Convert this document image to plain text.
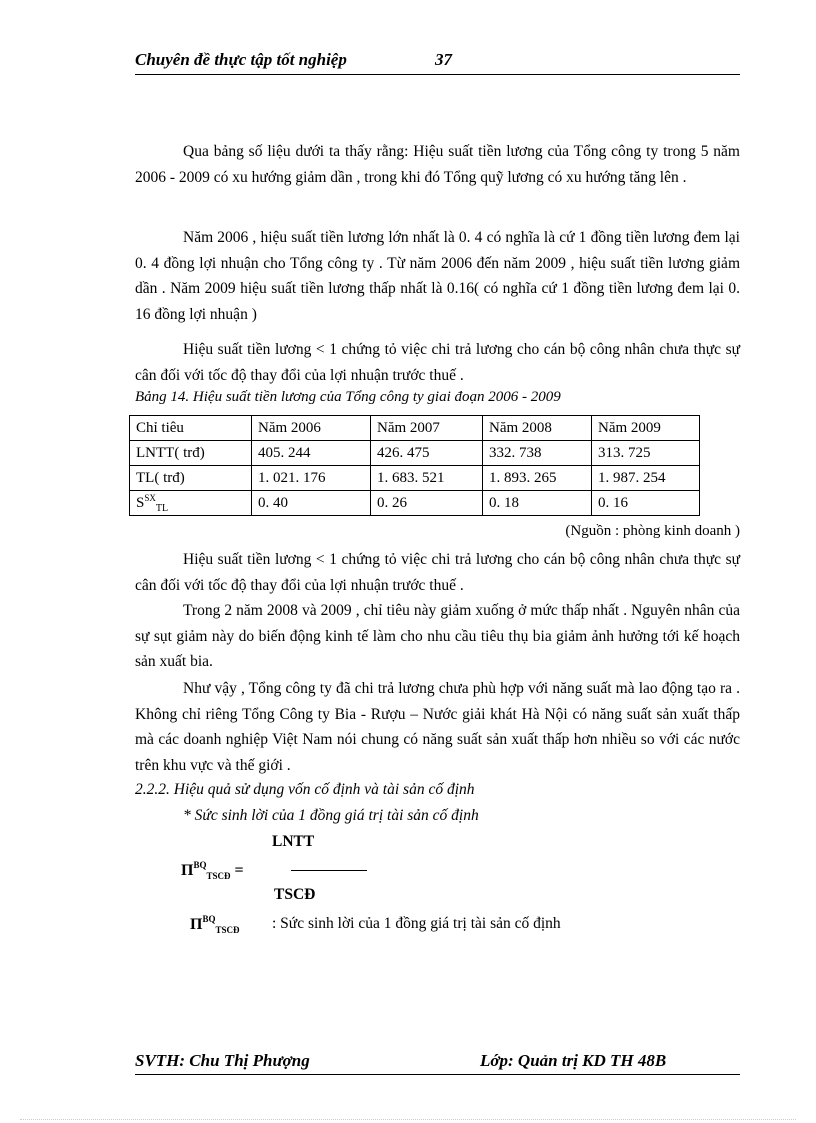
Chuyên đề thực tập tốt nghiệp	37
Qua bảng số liệu dưới ta thấy rằng: Hiệu suất tiền lương của Tổng công ty trong 5 năm 2006 - 2009 có xu hướng giảm dần , trong khi đó Tổng quỹ lương có xu hướng tăng lên .
Năm 2006 , hiệu suất tiền lương lớn nhất là 0. 4 có nghĩa là cứ 1 đồng tiền lương đem lại 0. 4 đồng lợi nhuận cho Tổng công ty . Từ năm 2006 đến năm 2009 , hiệu suất tiền lương giảm dần . Năm 2009 hiệu suất tiền lương thấp nhất là 0.16( có nghĩa cứ 1 đồng tiền lương đem lại 0. 16 đồng lợi nhuận )
Hiệu suất tiền lương < 1 chứng tỏ việc chi trả lương cho cán bộ công nhân chưa thực sự cân đối với tốc độ thay đổi của lợi nhuận trước thuế .
Bảng 14. Hiệu suất tiền lương của Tổng công ty giai đoạn 2006 - 2009
Chỉ tiêu	Năm 2006	Năm 2007	Năm 2008	Năm 2009
LNTT( trđ)	405. 244	426. 475	332. 738	313. 725
TL( trđ)	1. 021. 176	1. 683. 521	1. 893. 265	1. 987. 254
$S^{SX}_{TL}$	0. 40	0. 26	0. 18	0. 16
(Nguồn : phòng kinh doanh )
Hiệu suất tiền lương < 1 chứng tỏ việc chi trả lương cho cán bộ công nhân chưa thực sự cân đối với tốc độ thay đổi của lợi nhuận trước thuế .
Trong 2 năm 2008 và 2009 , chỉ tiêu này giảm xuống ở mức thấp nhất . Nguyên nhân của sự sụt giảm này do biến động kinh tế làm cho nhu cầu tiêu thụ bia giảm ảnh hưởng tới kế hoạch sản xuất bia.
Như vậy , Tổng công ty đã chi trả lương chưa phù hợp với năng suất mà lao động tạo ra . Không chỉ riêng Tổng Công ty Bia - Rượu – Nước giải khát Hà Nội có năng suất sản xuất thấp mà các doanh nghiệp Việt Nam nói chung có năng suất sản xuất thấp hơn nhiều so với các nước trên khu vực và thế giới .
2.2.2. Hiệu quả sử dụng vốn cố định và tài sản cố định
* Sức sinh lời của 1 đồng giá trị tài sản cố định
LNTT
$\Pi^{BQ}_{TSCĐ}$ =
TSCĐ
$\Pi^{BQ}_{TSCĐ}$ : Sức sinh lời của 1 đồng giá trị tài sản cố định
SVTH: Chu Thị Phượng	Lớp: Quản trị KD TH 48B
